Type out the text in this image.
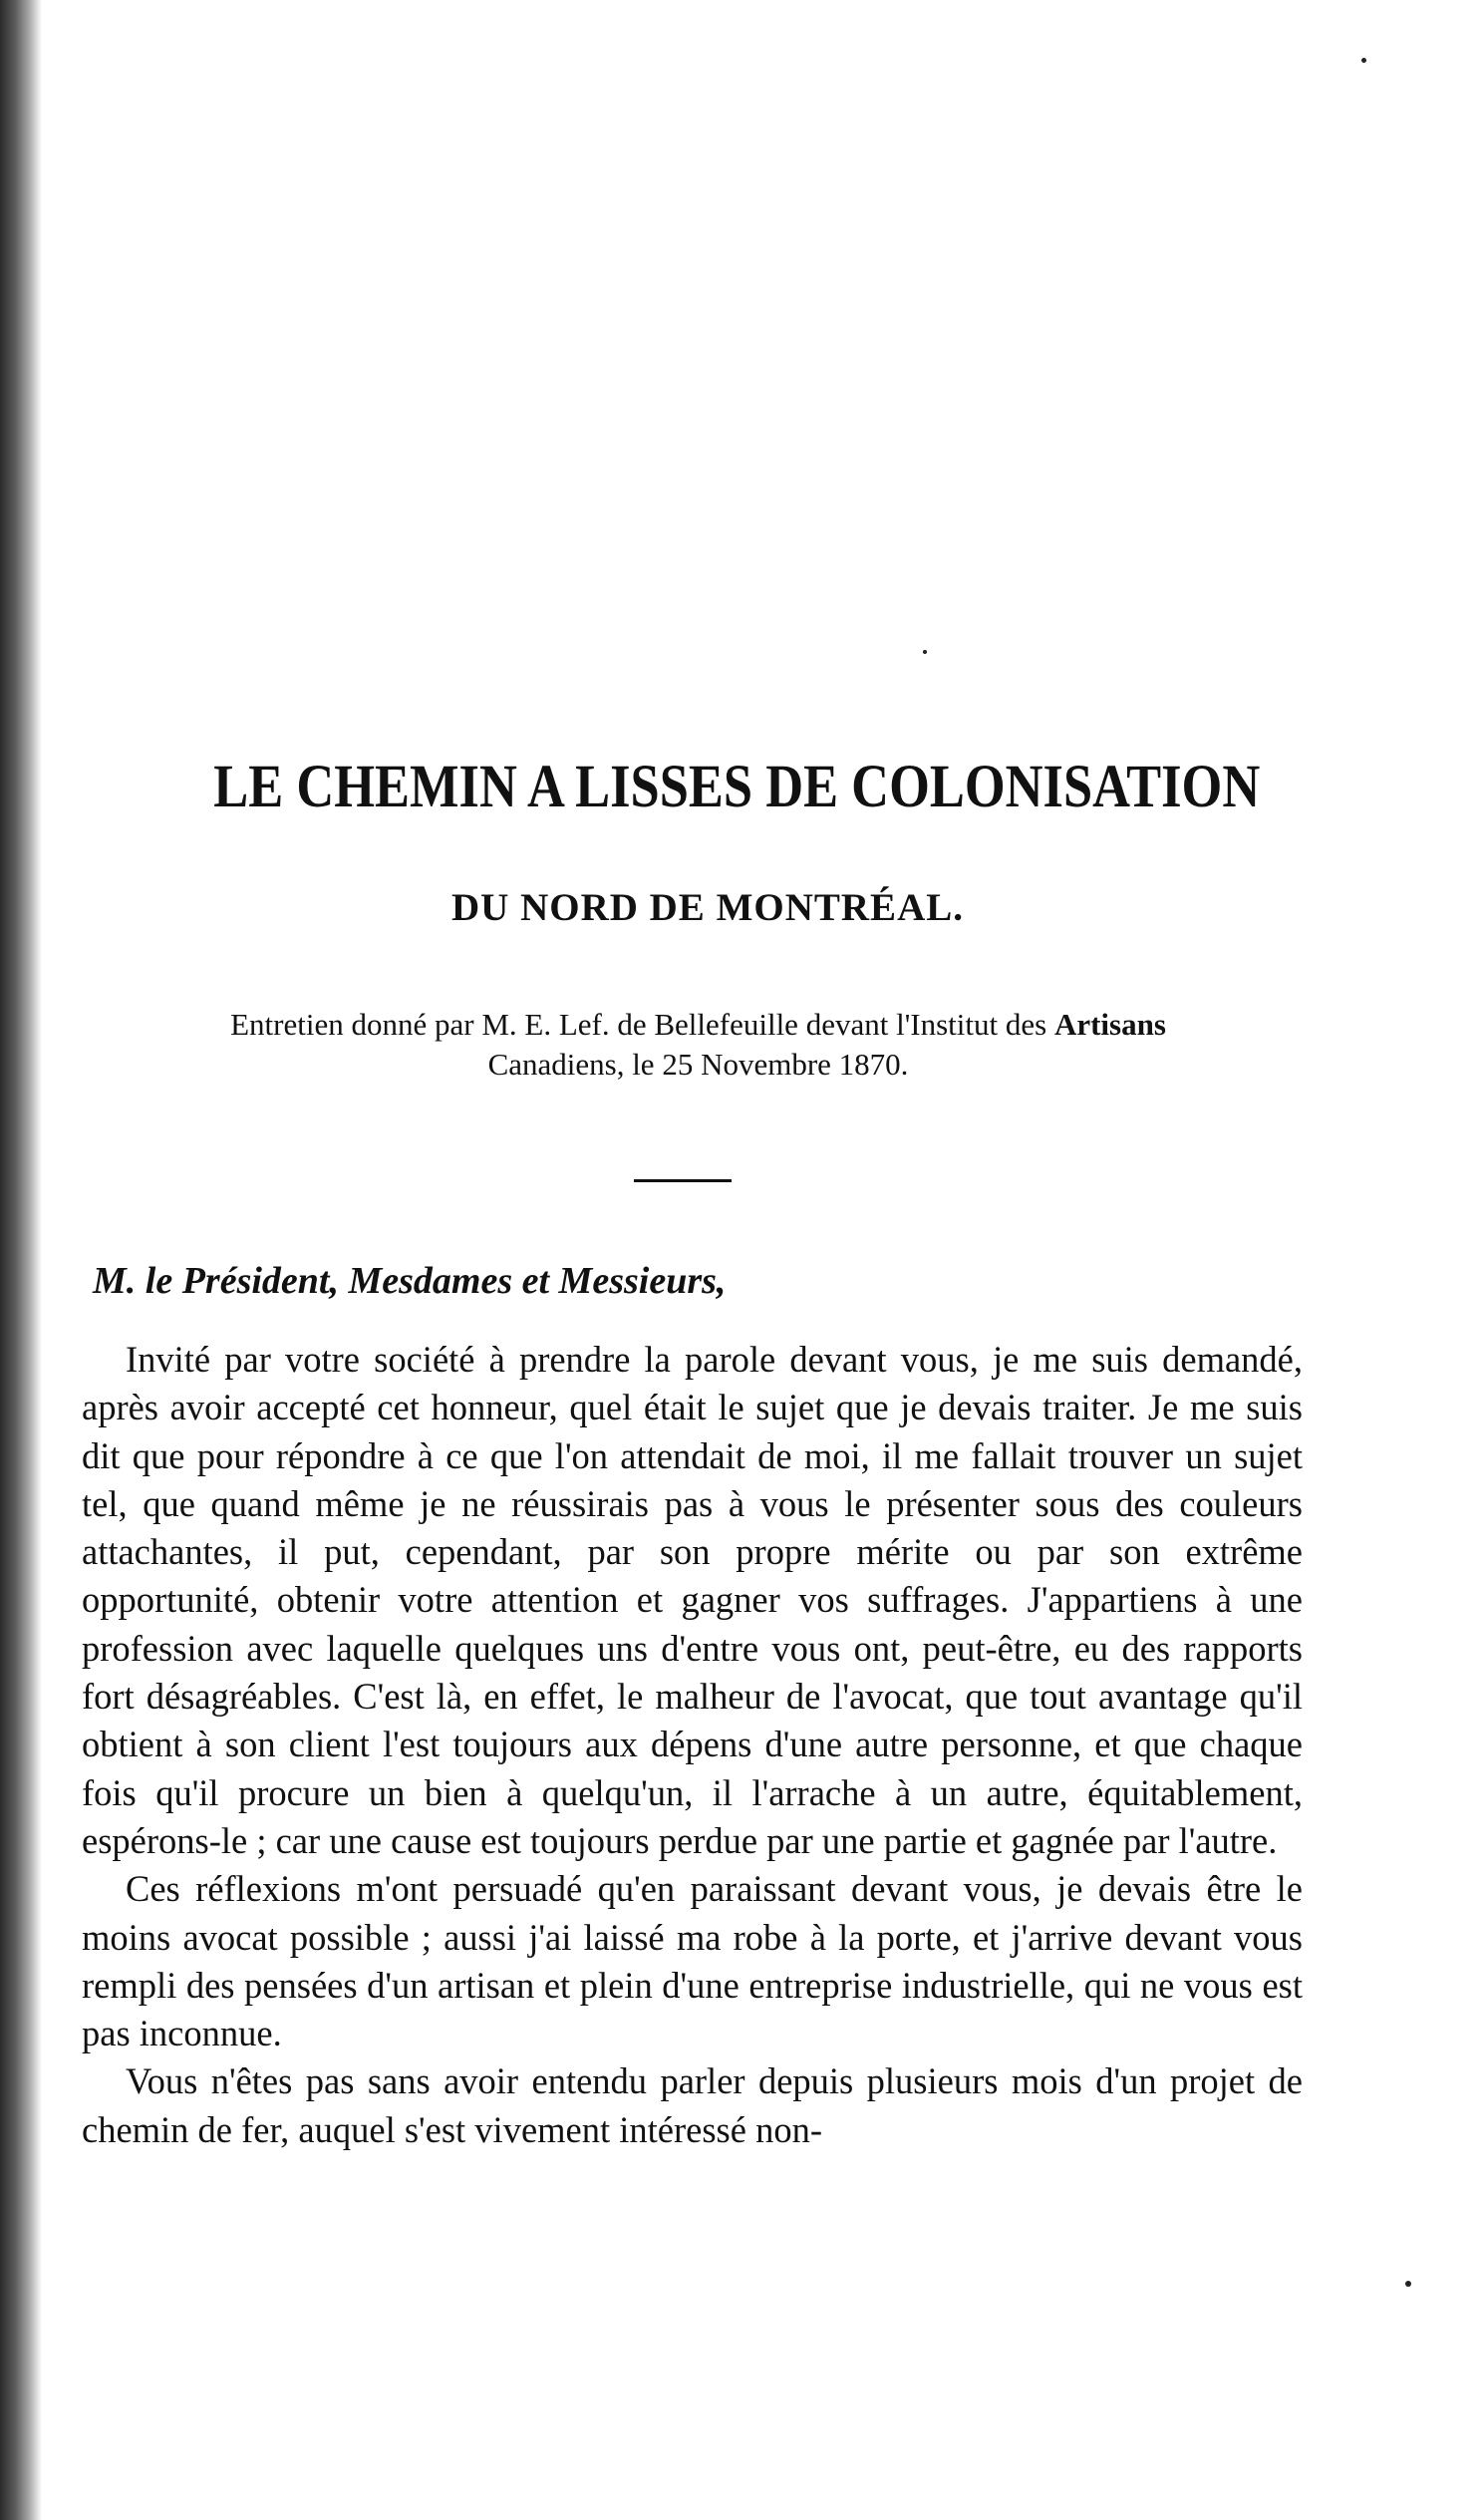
LE CHEMIN A LISSES DE COLONISATION
DU NORD DE MONTRÉAL.
Entretien donné par M. E. Lef. de Bellefeuille devant l'Institut des Artisans
Canadiens, le 25 Novembre 1870.

M. le Président, Mesdames et Messieurs,

Invité par votre société à prendre la parole devant vous, je me suis demandé, après avoir accepté cet honneur, quel était le sujet que je devais traiter. Je me suis dit que pour répondre à ce que l'on attendait de moi, il me fallait trouver un sujet tel, que quand même je ne réussirais pas à vous le présenter sous des couleurs attachantes, il put, cependant, par son propre mérite ou par son extrême opportunité, obtenir votre attention et gagner vos suffrages. J'appartiens à une profession avec laquelle quelques uns d'entre vous ont, peut-être, eu des rapports fort désagréables. C'est là, en effet, le malheur de l'avocat, que tout avantage qu'il obtient à son client l'est toujours aux dépens d'une autre personne, et que chaque fois qu'il procure un bien à quelqu'un, il l'arrache à un autre, équitablement, espérons-le ; car une cause est toujours perdue par une partie et gagnée par l'autre.

Ces réflexions m'ont persuadé qu'en paraissant devant vous, je devais être le moins avocat possible ; aussi j'ai laissé ma robe à la porte, et j'arrive devant vous rempli des pensées d'un artisan et plein d'une entreprise industrielle, qui ne vous est pas inconnue.

Vous n'êtes pas sans avoir entendu parler depuis plusieurs mois d'un projet de chemin de fer, auquel s'est vivement intéressé non-
